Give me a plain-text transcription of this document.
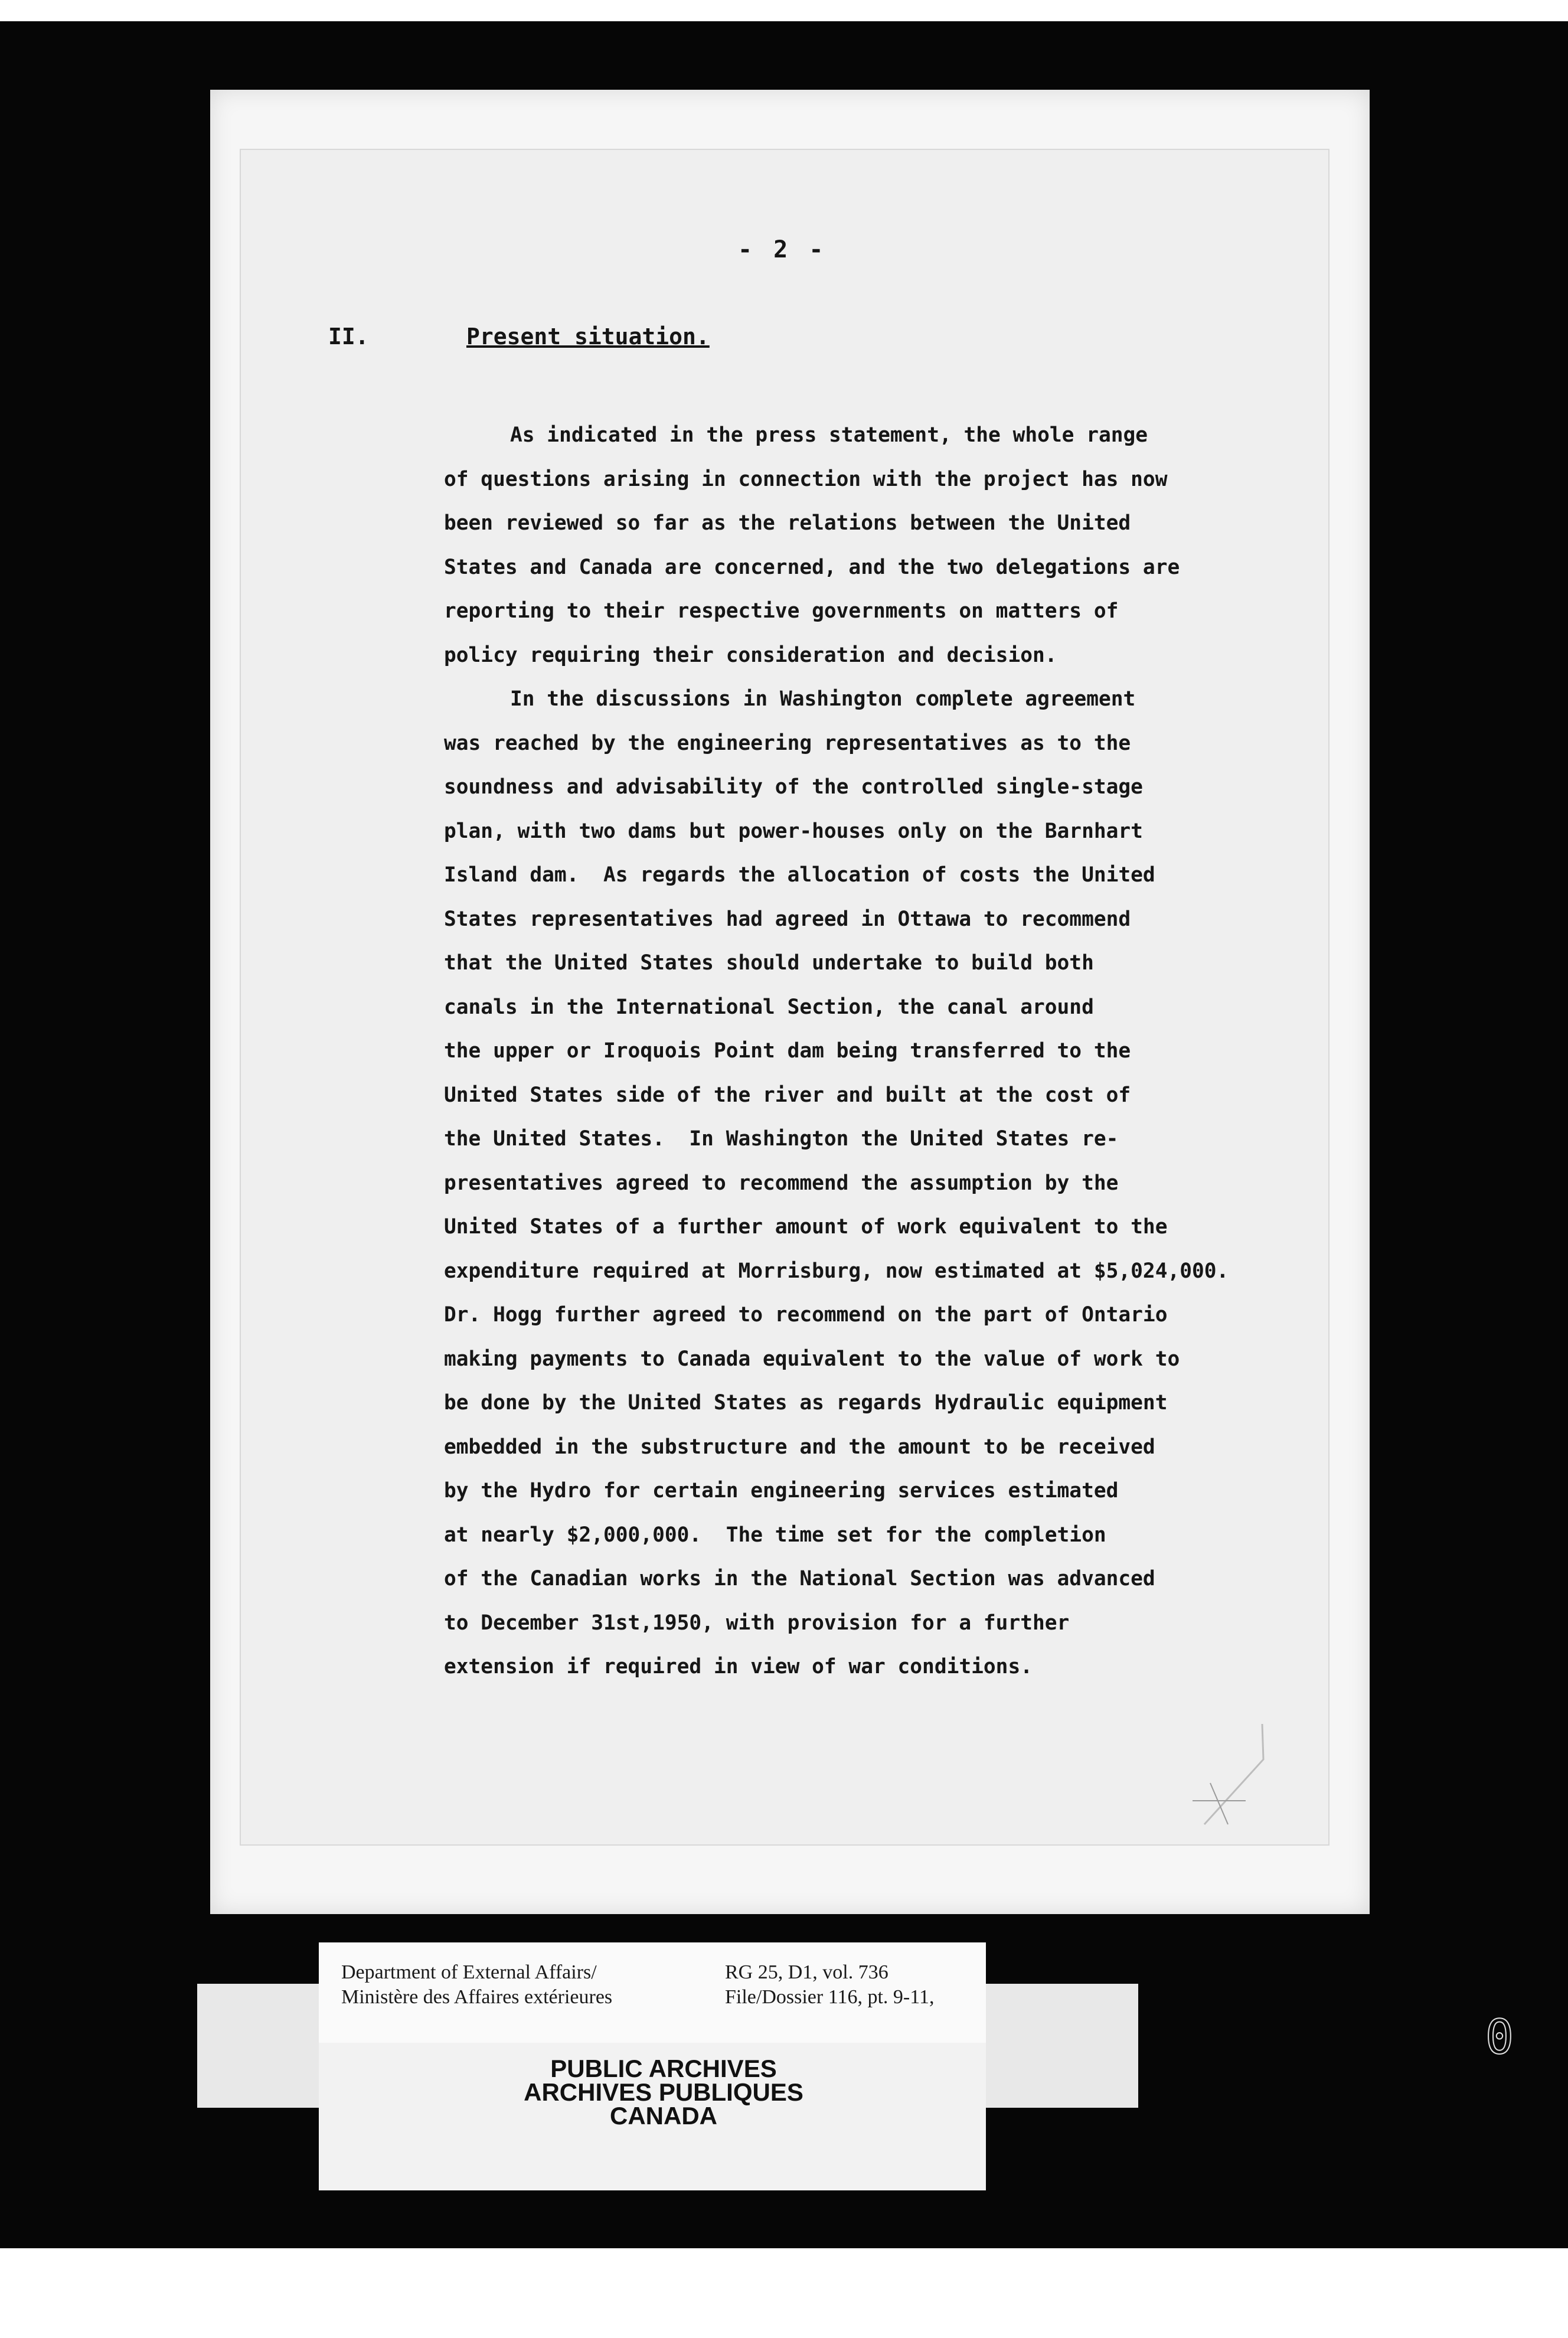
- 2 -
II.	Present situation.
As indicated in the press statement, the whole range
of questions arising in connection with the project has now
been reviewed so far as the relations between the United
States and Canada are concerned, and the two delegations are
reporting to their respective governments on matters of
policy requiring their consideration and decision.
In the discussions in Washington complete agreement
was reached by the engineering representatives as to the
soundness and advisability of the controlled single-stage
plan, with two dams but power-houses only on the Barnhart
Island dam.  As regards the allocation of costs the United
States representatives had agreed in Ottawa to recommend
that the United States should undertake to build both
canals in the International Section, the canal around
the upper or Iroquois Point dam being transferred to the
United States side of the river and built at the cost of
the United States.  In Washington the United States re-
presentatives agreed to recommend the assumption by the
United States of a further amount of work equivalent to the
expenditure required at Morrisburg, now estimated at $5,024,000.
Dr. Hogg further agreed to recommend on the part of Ontario
making payments to Canada equivalent to the value of work to
be done by the United States as regards Hydraulic equipment
embedded in the substructure and the amount to be received
by the Hydro for certain engineering services estimated
at nearly $2,000,000.  The time set for the completion
of the Canadian works in the National Section was advanced
to December 31st,1950, with provision for a further
extension if required in view of war conditions.
Department of External Affairs/
Ministère des Affaires extérieures
RG 25, D1, vol. 736
File/Dossier 116, pt. 9-11,
PUBLIC ARCHIVES
ARCHIVES PUBLIQUES
CANADA
0
